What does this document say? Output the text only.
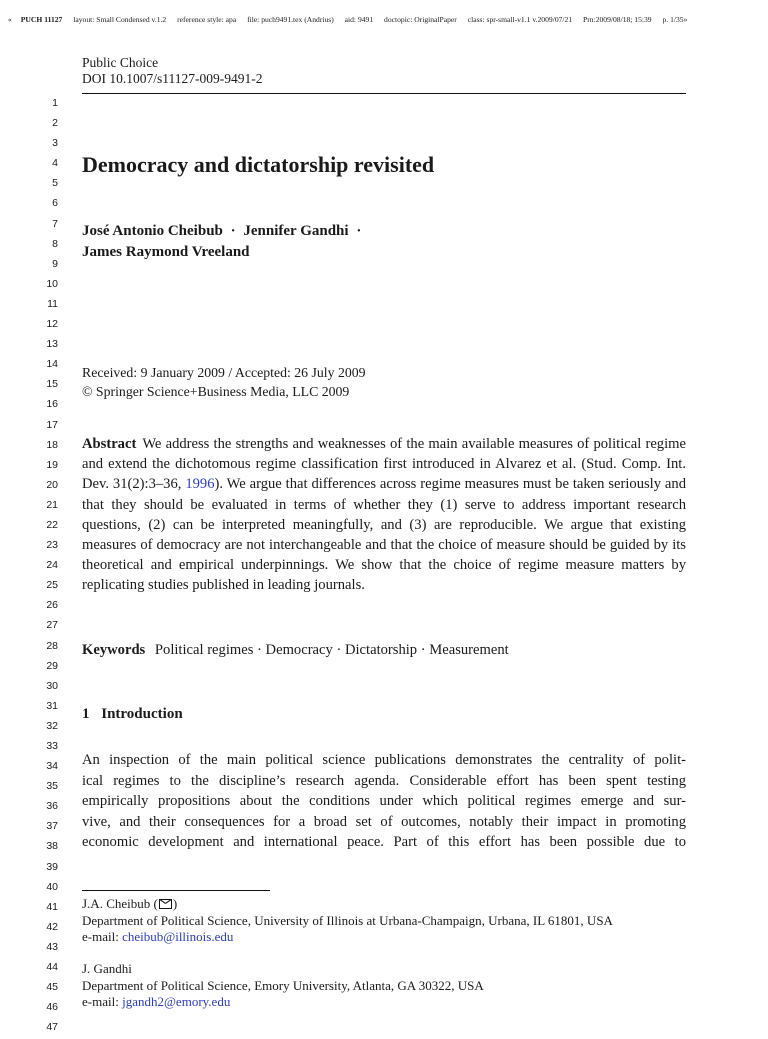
« PUCH 11127 layout: Small Condensed v.1.2 reference style: apa file: puch9491.tex (Andrius) aid: 9491 doctopic: OriginalPaper class: spr-small-v1.1 v.2009/07/21 Prn:2009/08/18; 15:39 p. 1/35»
Public Choice
DOI 10.1007/s11127-009-9491-2
1
2
3
4
5
6
7
8
9
10
11
12
13
14
15
16
17
18
19
20
21
22
23
24
25
26
27
28
29
30
31
32
33
34
35
36
37
38
39
40
41
42
43
44
45
46
47
Democracy and dictatorship revisited
José Antonio Cheibub · Jennifer Gandhi ·
James Raymond Vreeland
Received: 9 January 2009 / Accepted: 26 July 2009
© Springer Science+Business Media, LLC 2009
Abstract We address the strengths and weaknesses of the main available measures of political regime and extend the dichotomous regime classification first introduced in Alvarez et al. (Stud. Comp. Int. Dev. 31(2):3–36, 1996). We argue that differences across regime measures must be taken seriously and that they should be evaluated in terms of whether they (1) serve to address important research questions, (2) can be interpreted meaningfully, and (3) are reproducible. We argue that existing measures of democracy are not interchangeable and that the choice of measure should be guided by its theoretical and empirical underpinnings. We show that the choice of regime measure matters by replicating studies published in leading journals.
Keywords Political regimes · Democracy · Dictatorship · Measurement
1 Introduction
An inspection of the main political science publications demonstrates the centrality of polit-
ical regimes to the discipline’s research agenda. Considerable effort has been spent testing
empirically propositions about the conditions under which political regimes emerge and sur-
vive, and their consequences for a broad set of outcomes, notably their impact in promoting
economic development and international peace. Part of this effort has been possible due to
J.A. Cheibub ( )
Department of Political Science, University of Illinois at Urbana-Champaign, Urbana, IL 61801, USA
e-mail: cheibub@illinois.edu
J. Gandhi
Department of Political Science, Emory University, Atlanta, GA 30322, USA
e-mail: jgandh2@emory.edu
